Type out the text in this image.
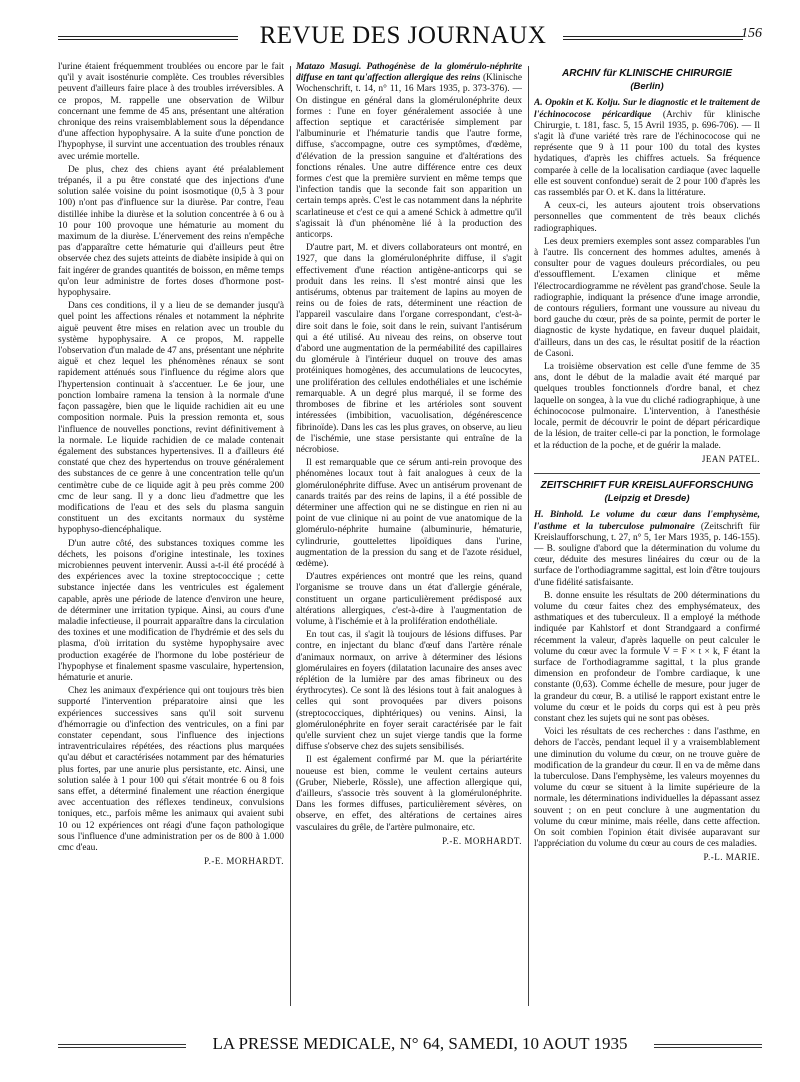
REVUE DES JOURNAUX	156

l'urine étaient fréquemment troublées ou encore par le fait qu'il y avait isosténurie complète. Ces troubles réversibles peuvent d'ailleurs faire place à des troubles irréversibles. A ce propos, M. rappelle une observation de Wilbur concernant une femme de 45 ans, présentant une altération chronique des reins vraisemblablement sous la dépendance d'une affection hypophysaire. A la suite d'une ponction de l'hypophyse, il survint une accentuation des troubles rénaux avec urémie mortelle.

De plus, chez des chiens ayant été préalablement trépanés, il a pu être constaté que des injections d'une solution salée voisine du point isosmotique (0,5 à 3 pour 100) n'ont pas d'influence sur la diurèse. Par contre, l'eau distillée inhibe la diurèse et la solution concentrée à 6 ou à 10 pour 100 provoque une hématurie au moment du maximum de la diurèse. L'énervement des reins n'empêche pas d'apparaître cette hématurie qui d'ailleurs peut être observée chez des sujets atteints de diabète insipide à qui on fait ingérer de grandes quantités de boisson, en même temps qu'on leur administre de fortes doses d'hormone post-hypophysaire.

Dans ces conditions, il y a lieu de se demander jusqu'à quel point les affections rénales et notamment la néphrite aiguë peuvent être mises en relation avec un trouble du système hypophysaire. A ce propos, M. rappelle l'observation d'un malade de 47 ans, présentant une néphrite aiguë et chez lequel les phénomènes rénaux se sont rapidement atténués sous l'influence du régime alors que l'hypertension continuait à s'accentuer. Le 6e jour, une ponction lombaire ramena la tension à la normale d'une façon passagère, bien que le liquide rachidien ait eu une composition normale. Puis la pression remonta et, sous l'influence de nouvelles ponctions, revint définitivement à la normale. Le liquide rachidien de ce malade contenait également des substances hypertensives. Il a d'ailleurs été constaté que chez des hypertendus on trouve généralement des substances de ce genre à une concentration telle qu'un centimètre cube de ce liquide agit à peu près comme 200 cmc de leur sang. Il y a donc lieu d'admettre que les modifications de l'eau et des sels du plasma sanguin constituent un des excitants normaux du système hypophyso-diencéphalique.

D'un autre côté, des substances toxiques comme les déchets, les poisons d'origine intestinale, les toxines microbiennes peuvent intervenir. Aussi a-t-il été procédé à des expériences avec la toxine streptococcique ; cette substance injectée dans les ventricules est également capable, après une période de latence d'environ une heure, de déterminer une irritation typique. Ainsi, au cours d'une maladie infectieuse, il pourrait apparaître dans la circulation des toxines et une modification de l'hydrémie et des sels du plasma, d'où irritation du système hypophysaire avec production exagérée de l'hormone du lobe postérieur de l'hypophyse et finalement spasme vasculaire, hypertension, hématurie et anurie.

Chez les animaux d'expérience qui ont toujours très bien supporté l'intervention préparatoire ainsi que les expériences successives sans qu'il soit survenu d'hémorragie ou d'infection des ventricules, on a fini par constater cependant, sous l'influence des injections intraventriculaires répétées, des réactions plus marquées qu'au début et caractérisées notamment par des hématuries plus fortes, par une anurie plus persistante, etc. Ainsi, une solution salée à 1 pour 100 qui s'était montrée 6 ou 8 fois sans effet, a déterminé finalement une réaction énergique avec accentuation des réflexes tendineux, convulsions toniques, etc., parfois même les animaux qui avaient subi 10 ou 12 expériences ont réagi d'une façon pathologique sous l'influence d'une administration per os de 800 à 1.000 cmc d'eau.

P.-E. MORHARDT.

Matazo Masugi. Pathogénèse de la glomérulo-néphrite diffuse en tant qu'affection allergique des reins (Klinische Wochenschrift, t. 14, n° 11, 16 Mars 1935, p. 373-376). — On distingue en général dans la glomérulonéphrite deux formes : l'une en foyer généralement associée à une affection septique et caractérisée simplement par l'albuminurie et l'hématurie tandis que l'autre forme, diffuse, s'accompagne, outre ces symptômes, d'œdème, d'élévation de la pression sanguine et d'altérations des fonctions rénales. Une autre différence entre ces deux formes c'est que la première survient en même temps que l'infection tandis que la seconde fait son apparition un certain temps après. C'est le cas notamment dans la néphrite scarlatineuse et c'est ce qui a amené Schick à admettre qu'il s'agissait là d'un phénomène lié à la production des anticorps.

D'autre part, M. et divers collaborateurs ont montré, en 1927, que dans la glomérulonéphrite diffuse, il s'agit effectivement d'une réaction antigène-anticorps qui se produit dans les reins. Il s'est montré ainsi que les antisérums, obtenus par traitement de lapins au moyen de reins ou de foies de rats, déterminent une réaction de l'appareil vasculaire dans l'organe correspondant, c'est-à-dire soit dans le foie, soit dans le rein, suivant l'antisérum qui a été utilisé. Au niveau des reins, on observe tout d'abord une augmentation de la perméabilité des capillaires du glomérule à l'intérieur duquel on trouve des amas protéiniques homogènes, des accumulations de leucocytes, une prolifération des cellules endothéliales et une ischémie remarquable. A un degré plus marqué, il se forme des thromboses de fibrine et les artérioles sont souvent intéressées (imbibition, vacuolisation, dégénérescence fibrinoïde). Dans les cas les plus graves, on observe, au lieu de l'ischémie, une stase persistante qui entraîne de la nécrobiose.

Il est remarquable que ce sérum anti-rein provoque des phénomènes locaux tout à fait analogues à ceux de la glomérulonéphrite diffuse. Avec un antisérum provenant de canards traités par des reins de lapins, il a été possible de déterminer une affection qui ne se distingue en rien ni au point de vue clinique ni au point de vue anatomique de la glomérulo-néphrite humaine (albuminurie, hématurie, cylindrurie, gouttelettes lipoïdiques dans l'urine, augmentation de la pression du sang et de l'azote résiduel, œdème).

D'autres expériences ont montré que les reins, quand l'organisme se trouve dans un état d'allergie générale, constituent un organe particulièrement prédisposé aux altérations allergiques, c'est-à-dire à l'augmentation de volume, à l'ischémie et à la prolifération endothéliale.

En tout cas, il s'agit là toujours de lésions diffuses. Par contre, en injectant du blanc d'œuf dans l'artère rénale d'animaux normaux, on arrive à déterminer des lésions glomérulaires en foyers (dilatation lacunaire des anses avec réplétion de la lumière par des amas fibrineux ou des érythrocytes). Ce sont là des lésions tout à fait analogues à celles qui sont provoquées par divers poisons (streptococciques, diphtériques) ou venins. Ainsi, la glomérulonéphrite en foyer serait caractérisée par le fait qu'elle survient chez un sujet vierge tandis que la forme diffuse s'observe chez des sujets sensibilisés.

Il est également confirmé par M. que la périartérite noueuse est bien, comme le veulent certains auteurs (Gruber, Nieberle, Rössle), une affection allergique qui, d'ailleurs, s'associe très souvent à la glomérulonéphrite. Dans les formes diffuses, particulièrement sévères, on observe, en effet, des altérations de certaines aires vasculaires du grêle, de l'artère pulmonaire, etc.

P.-E. MORHARDT.
ARCHIV für KLINISCHE CHIRURGIE
(Berlin)

A. Opokin et K. Kolju. Sur le diagnostic et le traitement de l'échinococose péricardique (Archiv für klinische Chirurgie, t. 181, fasc. 5, 15 Avril 1935, p. 696-706). — Il s'agit là d'une variété très rare de l'échinococose qui ne représente que 9 à 11 pour 100 du total des kystes hydatiques, d'après les chiffres actuels. Sa fréquence comparée à celle de la localisation cardiaque (avec laquelle elle est souvent confondue) serait de 2 pour 100 d'après les cas rassemblés par O. et K. dans la littérature.

A ceux-ci, les auteurs ajoutent trois observations personnelles que commentent de très beaux clichés radiographiques.

Les deux premiers exemples sont assez comparables l'un à l'autre. Ils concernent des hommes adultes, amenés à consulter pour de vagues douleurs précordiales, ou peu d'essoufflement. L'examen clinique et même l'électrocardiogramme ne révèlent pas grand'chose. Seule la radiographie, indiquant la présence d'une image arrondie, de contours réguliers, formant une voussure au niveau du bord gauche du cœur, près de sa pointe, permit de porter le diagnostic de kyste hydatique, en faveur duquel plaidait, d'ailleurs, dans un des cas, le résultat positif de la réaction de Casoni.

La troisième observation est celle d'une femme de 35 ans, dont le début de la maladie avait été marqué par quelques troubles fonctionnels d'ordre banal, et chez laquelle on songea, à la vue du cliché radiographique, à une échinococose pulmonaire. L'intervention, à l'anesthésie locale, permit de découvrir le point de départ péricardique de la lésion, de traiter celle-ci par la ponction, le formolage et la réduction de la poche, et de guérir la malade.

JEAN PATEL.
ZEITSCHRIFT FUR KREISLAUFFORSCHUNG
(Leipzig et Dresde)

H. Binhold. Le volume du cœur dans l'emphysème, l'asthme et la tuberculose pulmonaire (Zeitschrift für Kreislaufforschung, t. 27, n° 5, 1er Mars 1935, p. 146-155). — B. souligne d'abord que la détermination du volume du cœur, déduite des mesures linéaires du cœur ou de la surface de l'orthodiagramme sagittal, est loin d'être toujours d'une fidélité satisfaisante.

B. donne ensuite les résultats de 200 déterminations du volume du cœur faites chez des emphysémateux, des asthmatiques et des tuberculeux. Il a employé la méthode indiquée par Kahlstorf et dont Strandgaard a confirmé récemment la valeur, d'après laquelle on peut calculer le volume du cœur avec la formule V = F × t × k, F étant la surface de l'orthodiagramme sagittal, t la plus grande dimension en profondeur de l'ombre cardiaque, k une constante (0,63). Comme échelle de mesure, pour juger de la grandeur du cœur, B. a utilisé le rapport existant entre le volume du cœur et le poids du corps qui est à peu près constant chez les sujets qui ne sont pas obèses.

Voici les résultats de ces recherches : dans l'asthme, en dehors de l'accès, pendant lequel il y a vraisemblablement une diminution du volume du cœur, on ne trouve guère de modification de la grandeur du cœur. Il en va de même dans la tuberculose. Dans l'emphysème, les valeurs moyennes du volume du cœur se situent à la limite supérieure de la normale, les déterminations individuelles la dépassant assez souvent ; on en peut conclure à une augmentation du volume du cœur minime, mais réelle, dans cette affection. On soit combien l'opinion était divisée auparavant sur l'appréciation du volume du cœur au cours de ces maladies.

P.-L. MARIE.
LA PRESSE MEDICALE, N° 64, SAMEDI, 10 AOUT 1935
